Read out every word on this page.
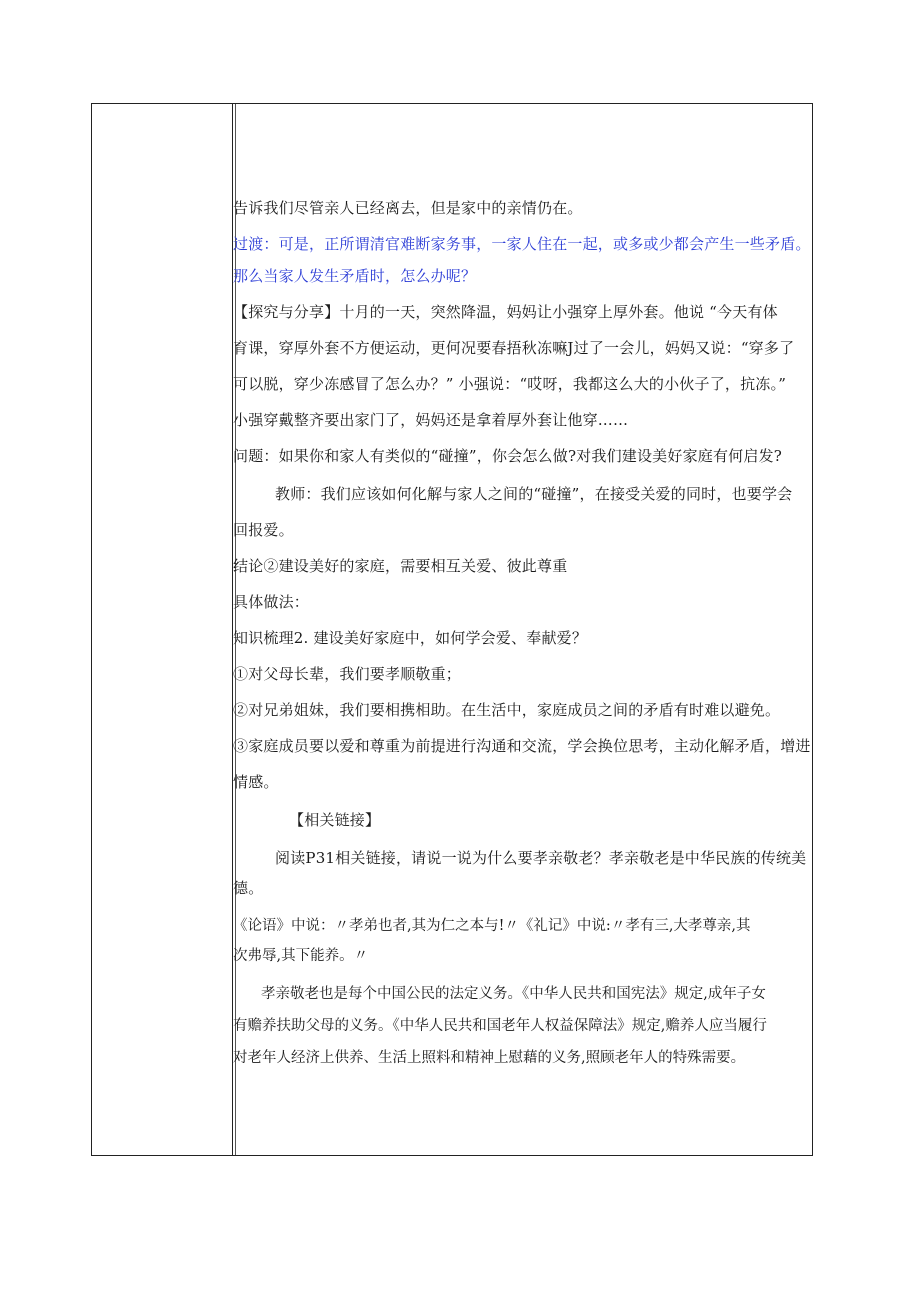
告诉我们尽管亲人已经离去，但是家中的亲情仍在。
过渡：可是，正所谓清官难断家务事，一家人住在一起，或多或少都会产生一些矛盾。
那么当家人发生矛盾时，怎么办呢？
【探究与分享】十月的一天，突然降温，妈妈让小强穿上厚外套。他说 “今天有体
育课，穿厚外套不方便运动，更何况要春捂秋冻嘛J过了一会儿，妈妈又说：“穿多了
可以脱，穿少冻感冒了怎么办？” 小强说：“哎呀，我都这么大的小伙子了，抗冻。”
小强穿戴整齐要出家门了，妈妈还是拿着厚外套让他穿……
问题：如果你和家人有类似的“碰撞”，你会怎么做?对我们建设美好家庭有何启发?
教师：我们应该如何化解与家人之间的“碰撞”，在接受关爱的同时，也要学会
回报爱。
结论②建设美好的家庭，需要相互关爱、彼此尊重
具体做法：
知识梳理2. 建设美好家庭中，如何学会爱、奉献爱？
①对父母长辈，我们要孝顺敬重；
②对兄弟姐妹，我们要相携相助。在生活中，家庭成员之间的矛盾有时难以避免。
③家庭成员要以爱和尊重为前提进行沟通和交流，学会换位思考，主动化解矛盾，增进
情感。
【相关链接】
阅读P31相关链接，请说一说为什么要孝亲敬老？孝亲敬老是中华民族的传统美
德。
《论语》中说：〃孝弟也者,其为仁之本与!〃《礼记》中说:〃孝有三,大孝尊亲,其
次弗辱,其下能养。〃
孝亲敬老也是每个中国公民的法定义务。《中华人民共和国宪法》规定,成年子女
有赡养扶助父母的义务。《中华人民共和国老年人权益保障法》规定,赡养人应当履行
对老年人经济上供养、生活上照料和精神上慰藉的义务,照顾老年人的特殊需要。
